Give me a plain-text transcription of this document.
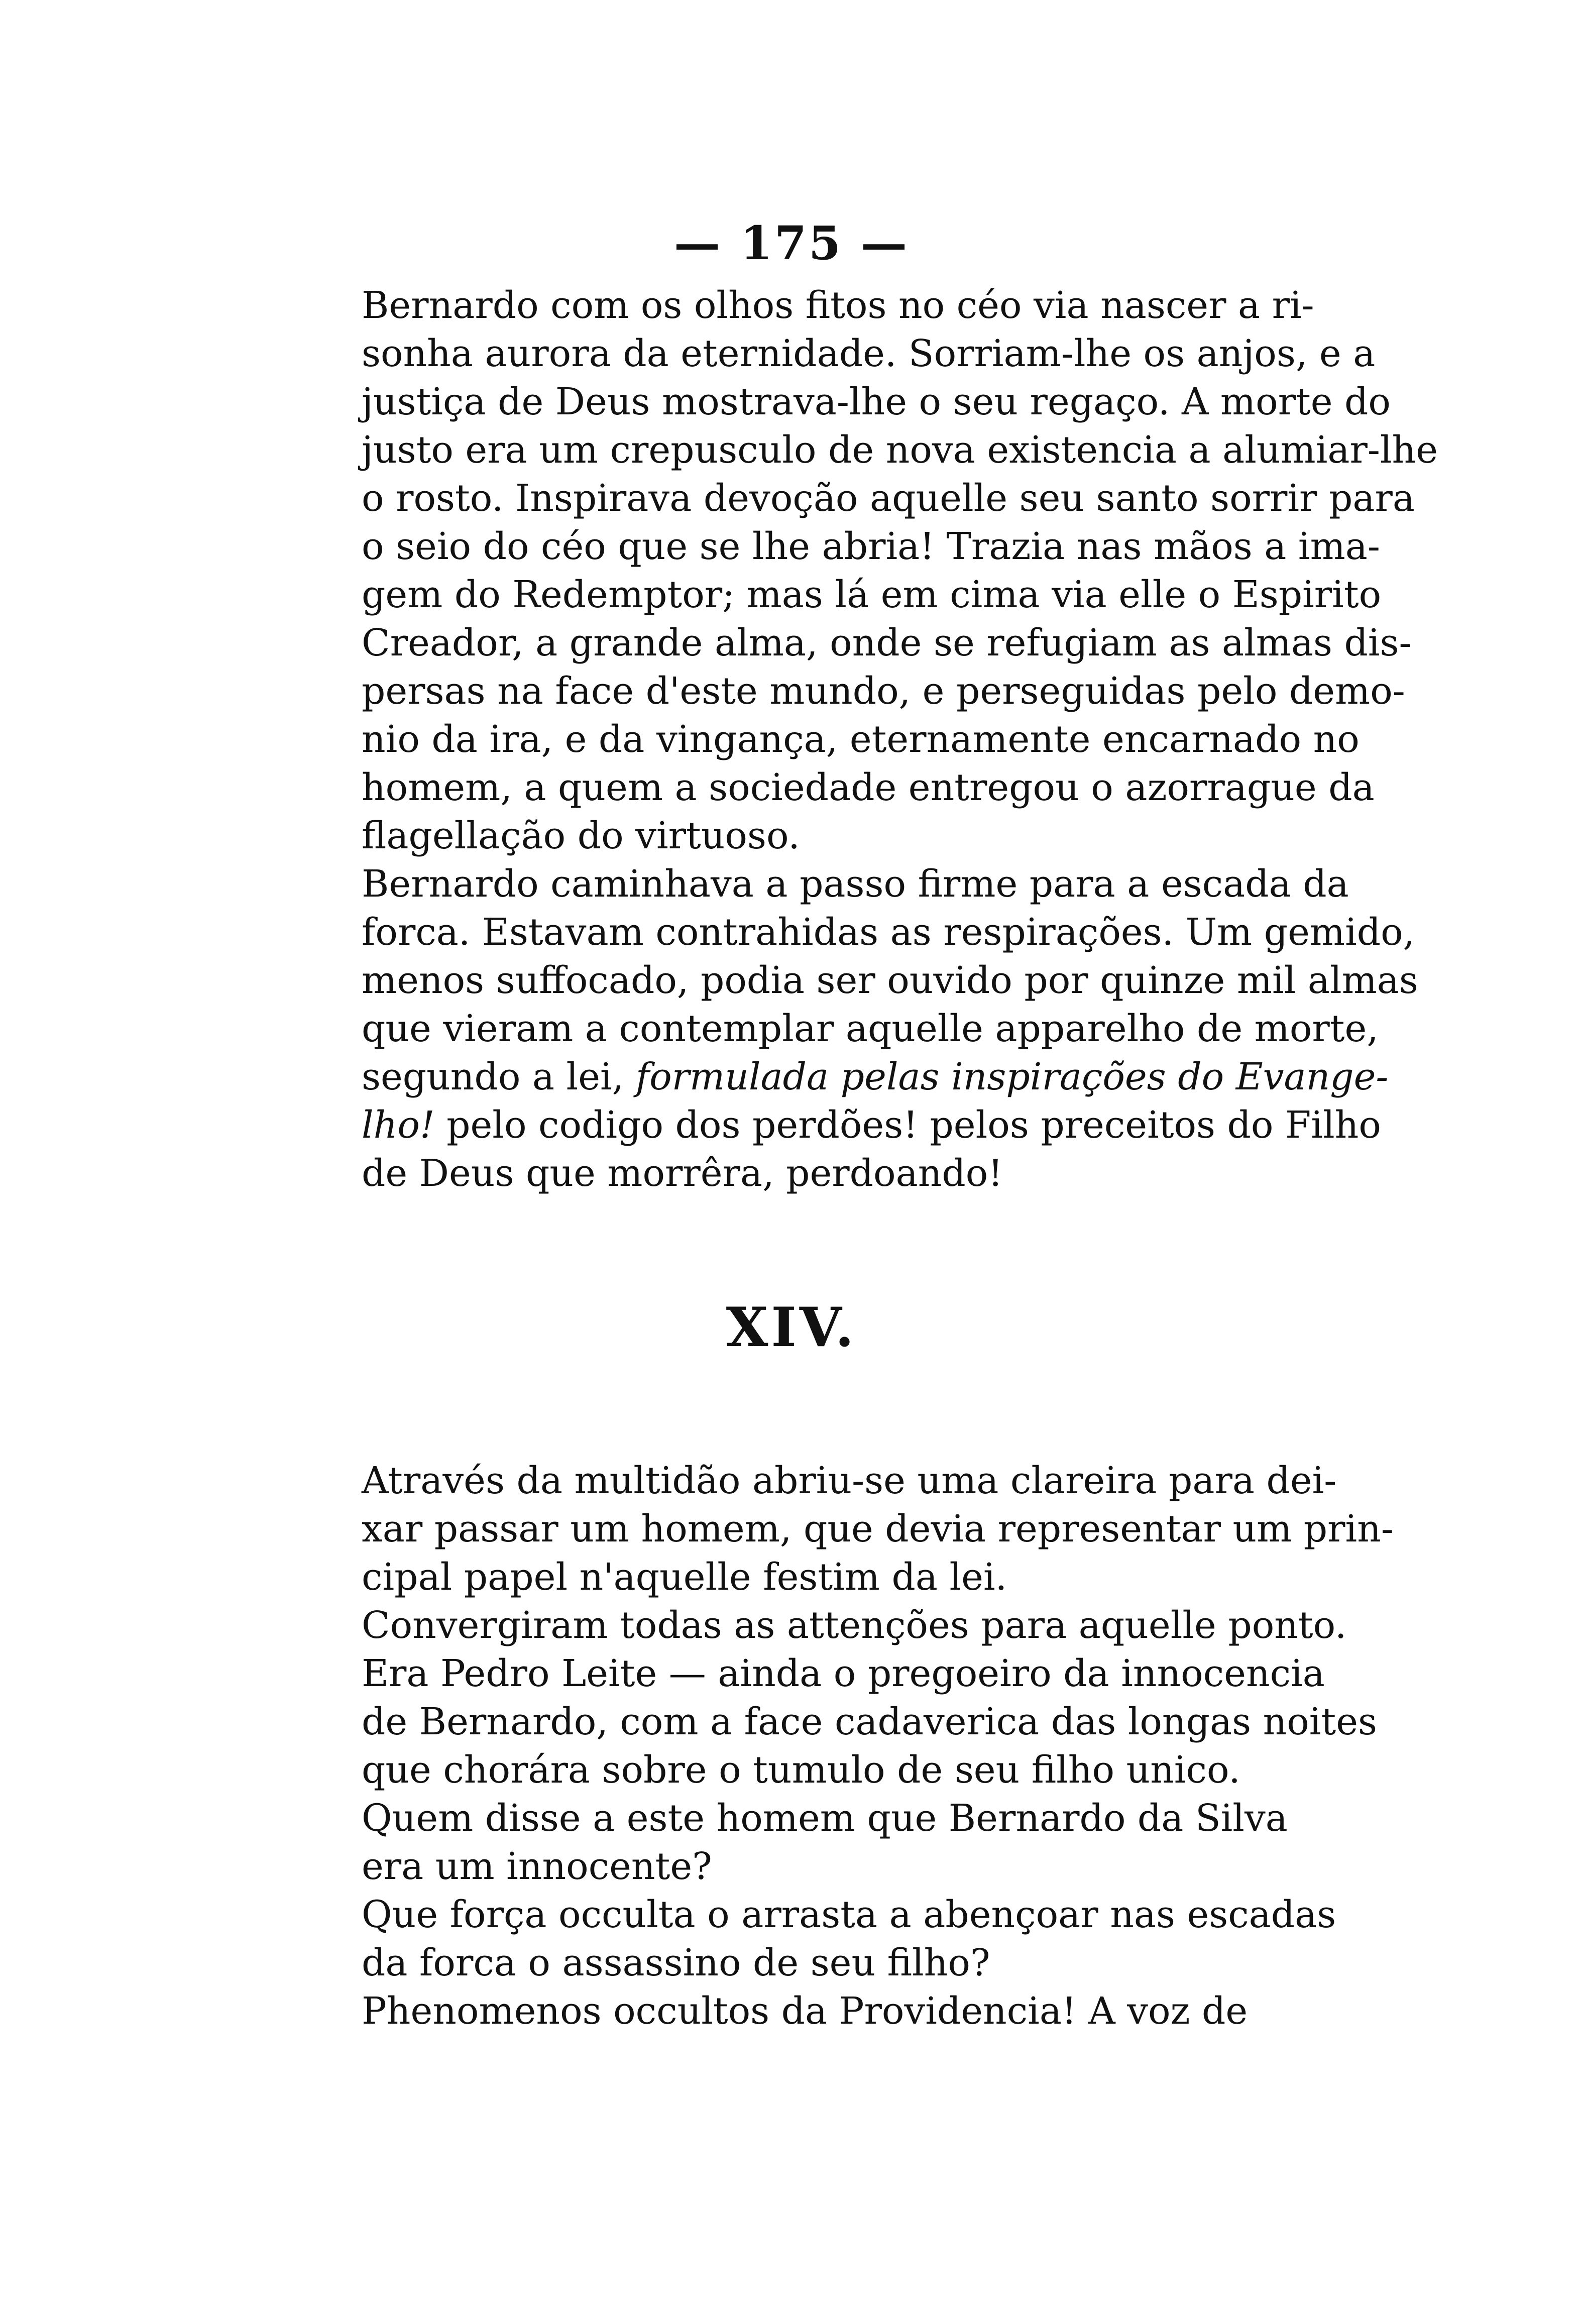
— 175 —

Bernardo com os olhos fitos no céo via nascer a ri-
sonha aurora da eternidade. Sorriam-lhe os anjos, e a
justiça de Deus mostrava-lhe o seu regaço. A morte do
justo era um crepusculo de nova existencia a alumiar-lhe
o rosto. Inspirava devoção aquelle seu santo sorrir para
o seio do céo que se lhe abria! Trazia nas mãos a ima-
gem do Redemptor; mas lá em cima via elle o Espirito
Creador, a grande alma, onde se refugiam as almas dis-
persas na face d'este mundo, e perseguidas pelo demo-
nio da ira, e da vingança, eternamente encarnado no
homem, a quem a sociedade entregou o azorrague da
flagellação do virtuoso.

Bernardo caminhava a passo firme para a escada da
forca. Estavam contrahidas as respirações. Um gemido,
menos suffocado, podia ser ouvido por quinze mil almas
que vieram a contemplar aquelle apparelho de morte,
segundo a lei, formulada pelas inspirações do Evange-
lho! pelo codigo dos perdões! pelos preceitos do Filho
de Deus que morrêra, perdoando!

XIV.

Através da multidão abriu-se uma clareira para dei-
xar passar um homem, que devia representar um prin-
cipal papel n'aquelle festim da lei.

Convergiram todas as attenções para aquelle ponto.

Era Pedro Leite — ainda o pregoeiro da innocencia
de Bernardo, com a face cadaverica das longas noites
que chorára sobre o tumulo de seu filho unico.

Quem disse a este homem que Bernardo da Silva
era um innocente?

Que força occulta o arrasta a abençoar nas escadas
da forca o assassino de seu filho?

Phenomenos occultos da Providencia! A voz de
